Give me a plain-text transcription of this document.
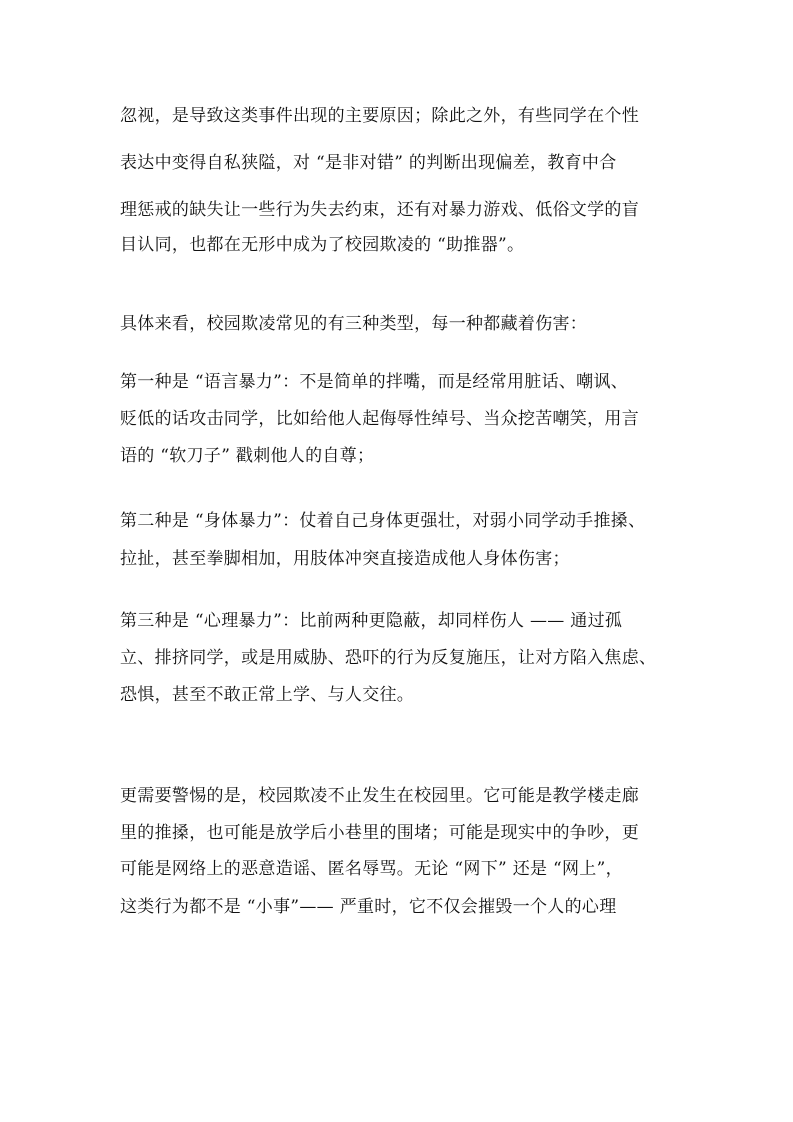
忽视，是导致这类事件出现的主要原因；除此之外，有些同学在个性
表达中变得自私狭隘，对 “是非对错” 的判断出现偏差，教育中合
理惩戒的缺失让一些行为失去约束，还有对暴力游戏、低俗文学的盲
目认同，也都在无形中成为了校园欺凌的 “助推器”。
具体来看，校园欺凌常见的有三种类型，每一种都藏着伤害：
第一种是 “语言暴力”：不是简单的拌嘴，而是经常用脏话、嘲讽、
贬低的话攻击同学，比如给他人起侮辱性绰号、当众挖苦嘲笑，用言
语的 “软刀子” 戳刺他人的自尊；
第二种是 “身体暴力”：仗着自己身体更强壮，对弱小同学动手推搡、
拉扯，甚至拳脚相加，用肢体冲突直接造成他人身体伤害；
第三种是 “心理暴力”：比前两种更隐蔽，却同样伤人 —— 通过孤
立、排挤同学，或是用威胁、恐吓的行为反复施压，让对方陷入焦虑、
恐惧，甚至不敢正常上学、与人交往。
更需要警惕的是，校园欺凌不止发生在校园里。它可能是教学楼走廊
里的推搡，也可能是放学后小巷里的围堵；可能是现实中的争吵，更
可能是网络上的恶意造谣、匿名辱骂。无论 “网下” 还是 “网上”，
这类行为都不是 “小事”—— 严重时，它不仅会摧毁一个人的心理
